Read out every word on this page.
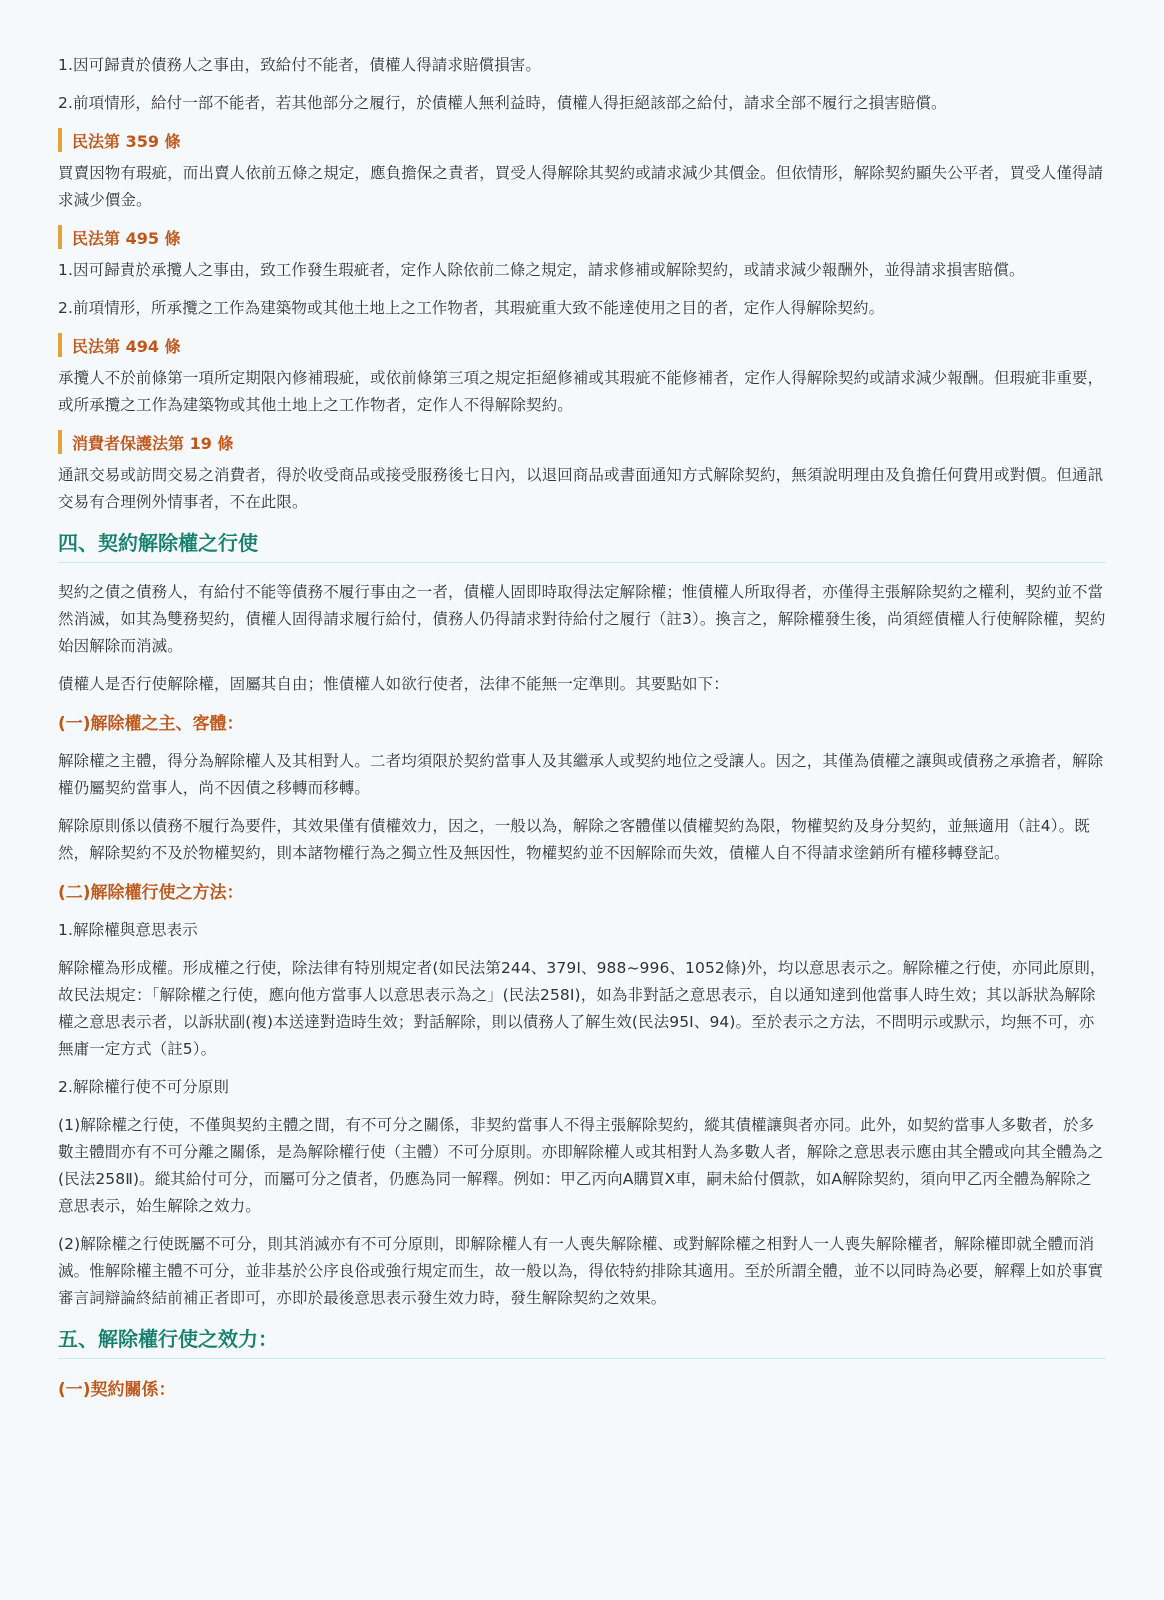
1.因可歸責於債務人之事由，致給付不能者，債權人得請求賠償損害。

2.前項情形，給付一部不能者，若其他部分之履行，於債權人無利益時，債權人得拒絕該部之給付，請求全部不履行之損害賠償。

民法第 359 條

買賣因物有瑕疵，而出賣人依前五條之規定，應負擔保之責者，買受人得解除其契約或請求減少其價金。但依情形，解除契約顯失公平者，買受人僅得請求減少價金。

民法第 495 條

1.因可歸責於承攬人之事由，致工作發生瑕疵者，定作人除依前二條之規定，請求修補或解除契約，或請求減少報酬外，並得請求損害賠償。

2.前項情形，所承攬之工作為建築物或其他土地上之工作物者，其瑕疵重大致不能達使用之目的者，定作人得解除契約。

民法第 494 條

承攬人不於前條第一項所定期限內修補瑕疵，或依前條第三項之規定拒絕修補或其瑕疵不能修補者，定作人得解除契約或請求減少報酬。但瑕疵非重要，或所承攬之工作為建築物或其他土地上之工作物者，定作人不得解除契約。

消費者保護法第 19 條

通訊交易或訪問交易之消費者，得於收受商品或接受服務後七日內，以退回商品或書面通知方式解除契約，無須說明理由及負擔任何費用或對價。但通訊交易有合理例外情事者，不在此限。

四、契約解除權之行使

契約之債之債務人，有給付不能等債務不履行事由之一者，債權人固即時取得法定解除權；惟債權人所取得者，亦僅得主張解除契約之權利，契約並不當然消滅，如其為雙務契約，債權人固得請求履行給付，債務人仍得請求對待給付之履行（註3）。換言之，解除權發生後，尚須經債權人行使解除權，契約始因解除而消滅。

債權人是否行使解除權，固屬其自由；惟債權人如欲行使者，法律不能無一定準則。其要點如下：

(一)解除權之主、客體：

解除權之主體，得分為解除權人及其相對人。二者均須限於契約當事人及其繼承人或契約地位之受讓人。因之，其僅為債權之讓與或債務之承擔者，解除權仍屬契約當事人，尚不因債之移轉而移轉。

解除原則係以債務不履行為要件，其效果僅有債權效力，因之，一般以為，解除之客體僅以債權契約為限，物權契約及身分契約，並無適用（註4）。既然，解除契約不及於物權契約，則本諸物權行為之獨立性及無因性，物權契約並不因解除而失效，債權人自不得請求塗銷所有權移轉登記。

(二)解除權行使之方法：

1.解除權與意思表示

解除權為形成權。形成權之行使，除法律有特別規定者(如民法第244、379Ⅰ、988~996、1052條)外，均以意思表示之。解除權之行使，亦同此原則，故民法規定：「解除權之行使，應向他方當事人以意思表示為之」(民法258Ⅰ)，如為非對話之意思表示，自以通知達到他當事人時生效；其以訴狀為解除權之意思表示者，以訴狀副(複)本送達對造時生效；對話解除，則以債務人了解生效(民法95Ⅰ、94)。至於表示之方法，不問明示或默示，均無不可，亦無庸一定方式（註5）。

2.解除權行使不可分原則

(1)解除權之行使，不僅與契約主體之間，有不可分之關係，非契約當事人不得主張解除契約，縱其債權讓與者亦同。此外，如契約當事人多數者，於多數主體間亦有不可分離之關係，是為解除權行使（主體）不可分原則。亦即解除權人或其相對人為多數人者，解除之意思表示應由其全體或向其全體為之(民法258Ⅱ)。縱其給付可分，而屬可分之債者，仍應為同一解釋。例如：甲乙丙向A購買X車，嗣未給付價款，如A解除契約，須向甲乙丙全體為解除之意思表示，始生解除之效力。

(2)解除權之行使既屬不可分，則其消滅亦有不可分原則，即解除權人有一人喪失解除權、或對解除權之相對人一人喪失解除權者，解除權即就全體而消滅。惟解除權主體不可分，並非基於公序良俗或強行規定而生，故一般以為，得依特約排除其適用。至於所謂全體，並不以同時為必要，解釋上如於事實審言詞辯論終結前補正者即可，亦即於最後意思表示發生效力時，發生解除契約之效果。

五、解除權行使之效力：
(一)契約關係：
